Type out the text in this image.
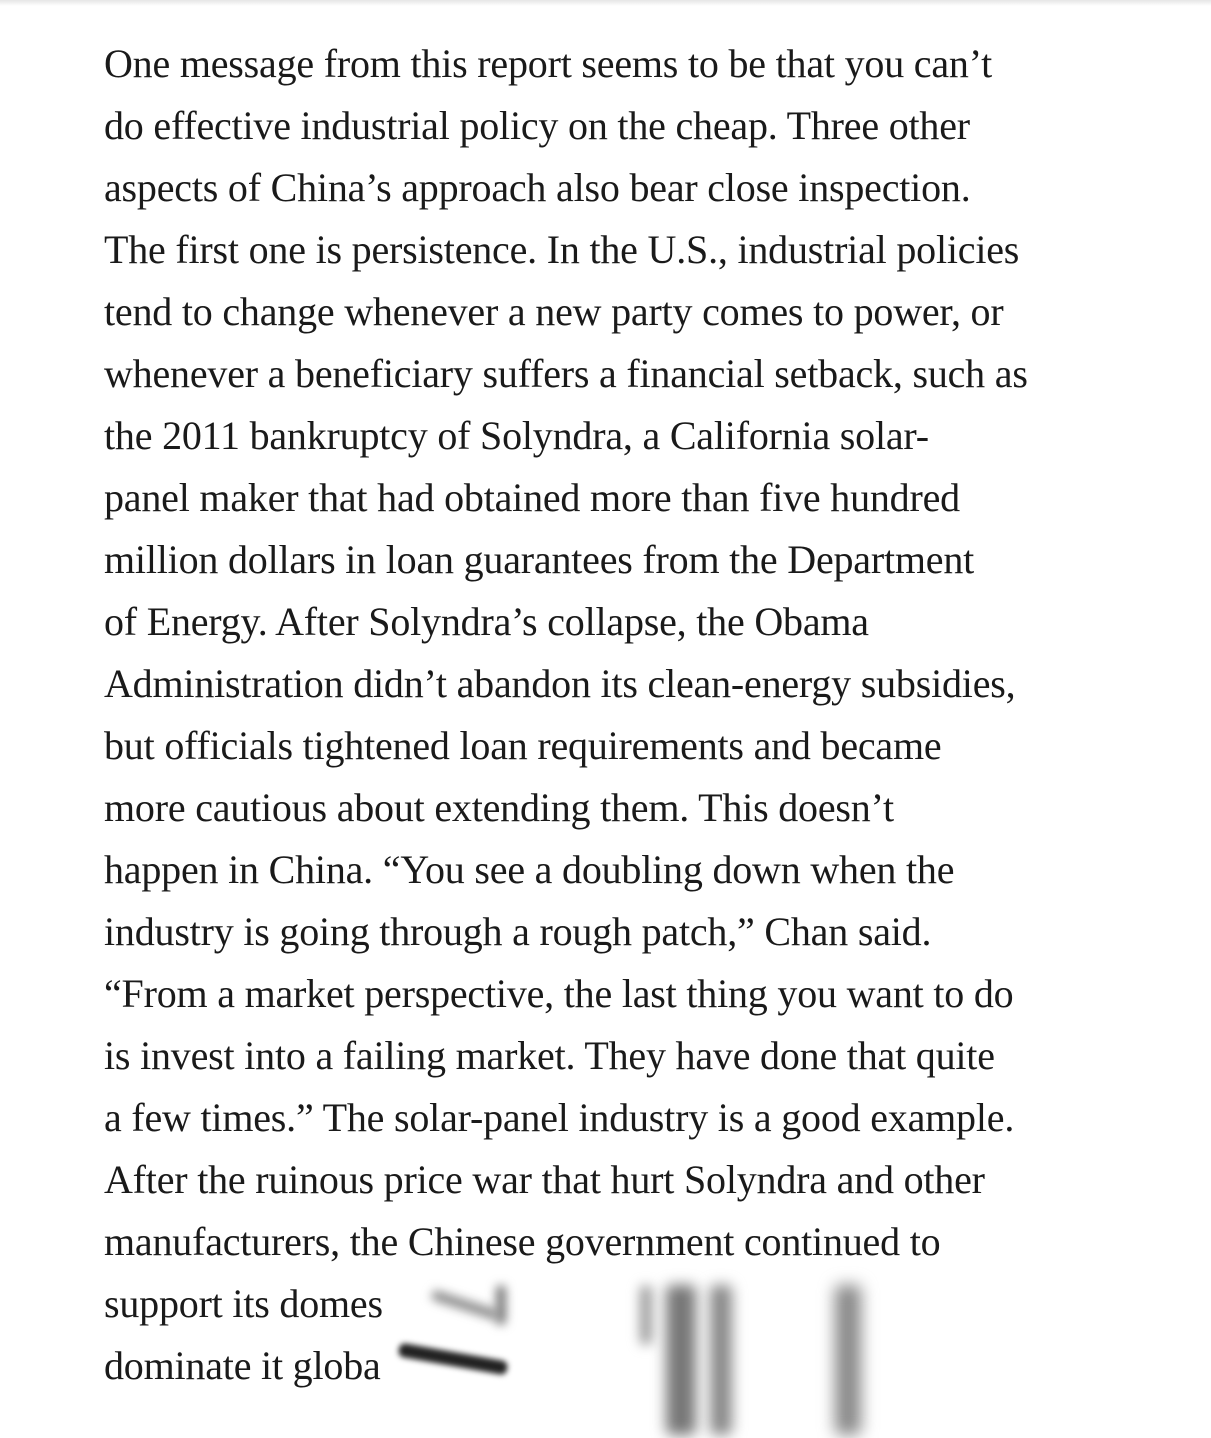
One message from this report seems to be that you can’t
do effective industrial policy on the cheap. Three other
aspects of China’s approach also bear close inspection.
The first one is persistence. In the U.S., industrial policies
tend to change whenever a new party comes to power, or
whenever a beneficiary suffers a financial setback, such as
the 2011 bankruptcy of Solyndra, a California solar-
panel maker that had obtained more than five hundred
million dollars in loan guarantees from the Department
of Energy. After Solyndra’s collapse, the Obama
Administration didn’t abandon its clean-energy subsidies,
but officials tightened loan requirements and became
more cautious about extending them. This doesn’t
happen in China. “You see a doubling down when the
industry is going through a rough patch,” Chan said.
“From a market perspective, the last thing you want to do
is invest into a failing market. They have done that quite
a few times.” The solar-panel industry is a good example.
After the ruinous price war that hurt Solyndra and other
manufacturers, the Chinese government continued to
support its domes
dominate it globa
